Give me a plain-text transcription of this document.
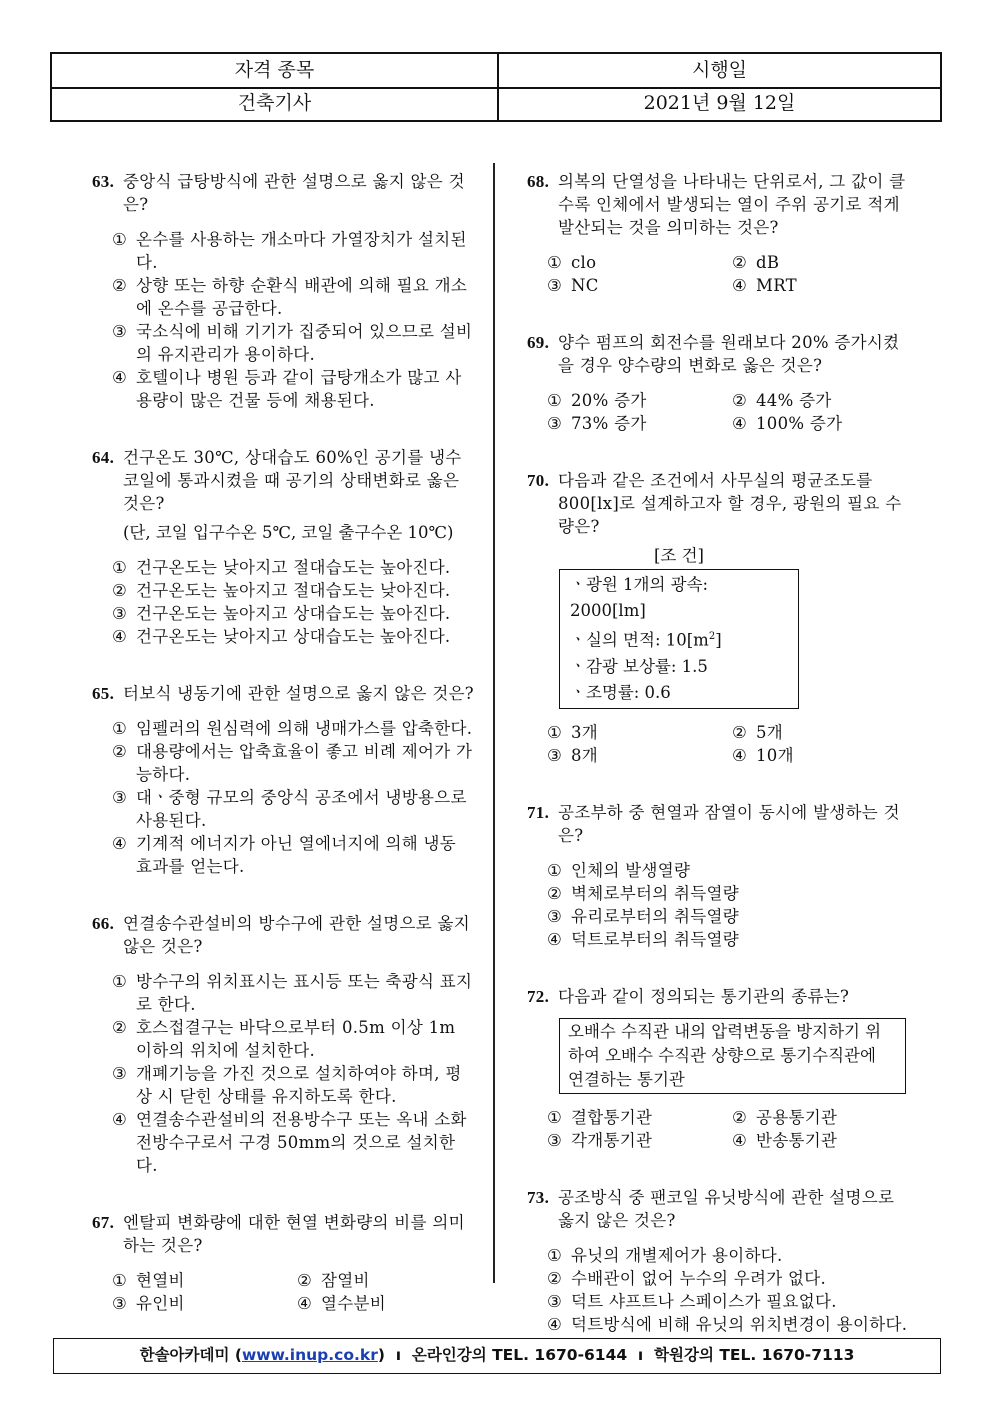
자격 종목	시행일
건축기사	2021년 9월 12일
63. 중앙식 급탕방식에 관한 설명으로 옳지 않은 것은?
① 온수를 사용하는 개소마다 가열장치가 설치된다.
② 상향 또는 하향 순환식 배관에 의해 필요 개소에 온수를 공급한다.
③ 국소식에 비해 기기가 집중되어 있으므로 설비의 유지관리가 용이하다.
④ 호텔이나 병원 등과 같이 급탕개소가 많고 사용량이 많은 건물 등에 채용된다.
64. 건구온도 30℃, 상대습도 60%인 공기를 냉수 코일에 통과시켰을 때 공기의 상태변화로 옳은 것은?
(단, 코일 입구수온 5℃, 코일 출구수온 10℃)
① 건구온도는 낮아지고 절대습도는 높아진다.
② 건구온도는 높아지고 절대습도는 낮아진다.
③ 건구온도는 높아지고 상대습도는 높아진다.
④ 건구온도는 낮아지고 상대습도는 높아진다.
65. 터보식 냉동기에 관한 설명으로 옳지 않은 것은?
① 임펠러의 원심력에 의해 냉매가스를 압축한다.
② 대용량에서는 압축효율이 좋고 비례 제어가 가능하다.
③ 대ㆍ중형 규모의 중앙식 공조에서 냉방용으로 사용된다.
④ 기계적 에너지가 아닌 열에너지에 의해 냉동 효과를 얻는다.
66. 연결송수관설비의 방수구에 관한 설명으로 옳지 않은 것은?
① 방수구의 위치표시는 표시등 또는 축광식 표지로 한다.
② 호스접결구는 바닥으로부터 0.5m 이상 1m 이하의 위치에 설치한다.
③ 개폐기능을 가진 것으로 설치하여야 하며, 평상 시 닫힌 상태를 유지하도록 한다.
④ 연결송수관설비의 전용방수구 또는 옥내 소화전방수구로서 구경 50mm의 것으로 설치한다.
67. 엔탈피 변화량에 대한 현열 변화량의 비를 의미하는 것은?
① 현열비	② 잠열비
③ 유인비	④ 열수분비
68. 의복의 단열성을 나타내는 단위로서, 그 값이 클수록 인체에서 발생되는 열이 주위 공기로 적게 발산되는 것을 의미하는 것은?
① clo	② dB
③ NC	④ MRT
69. 양수 펌프의 회전수를 원래보다 20% 증가시켰을 경우 양수량의 변화로 옳은 것은?
① 20% 증가	② 44% 증가
③ 73% 증가	④ 100% 증가
70. 다음과 같은 조건에서 사무실의 평균조도를 800[lx]로 설계하고자 할 경우, 광원의 필요 수량은?
[조 건]
ㆍ광원 1개의 광속: 2000[lm]
ㆍ실의 면적: $10[m^2]$
ㆍ감광 보상률: 1.5
ㆍ조명률: 0.6
① 3개	② 5개
③ 8개	④ 10개
71. 공조부하 중 현열과 잠열이 동시에 발생하는 것은?
① 인체의 발생열량
② 벽체로부터의 취득열량
③ 유리로부터의 취득열량
④ 덕트로부터의 취득열량
72. 다음과 같이 정의되는 통기관의 종류는?
오배수 수직관 내의 압력변동을 방지하기 위하여 오배수 수직관 상향으로 통기수직관에 연결하는 통기관
① 결합통기관	② 공용통기관
③ 각개통기관	④ 반송통기관
73. 공조방식 중 팬코일 유닛방식에 관한 설명으로 옳지 않은 것은?
① 유닛의 개별제어가 용이하다.
② 수배관이 없어 누수의 우려가 없다.
③ 덕트 샤프트나 스페이스가 필요없다.
④ 덕트방식에 비해 유닛의 위치변경이 용이하다.
한솔아카데미 (www.inup.co.kr)  ı  온라인강의 TEL. 1670-6144  ı  학원강의 TEL. 1670-7113
